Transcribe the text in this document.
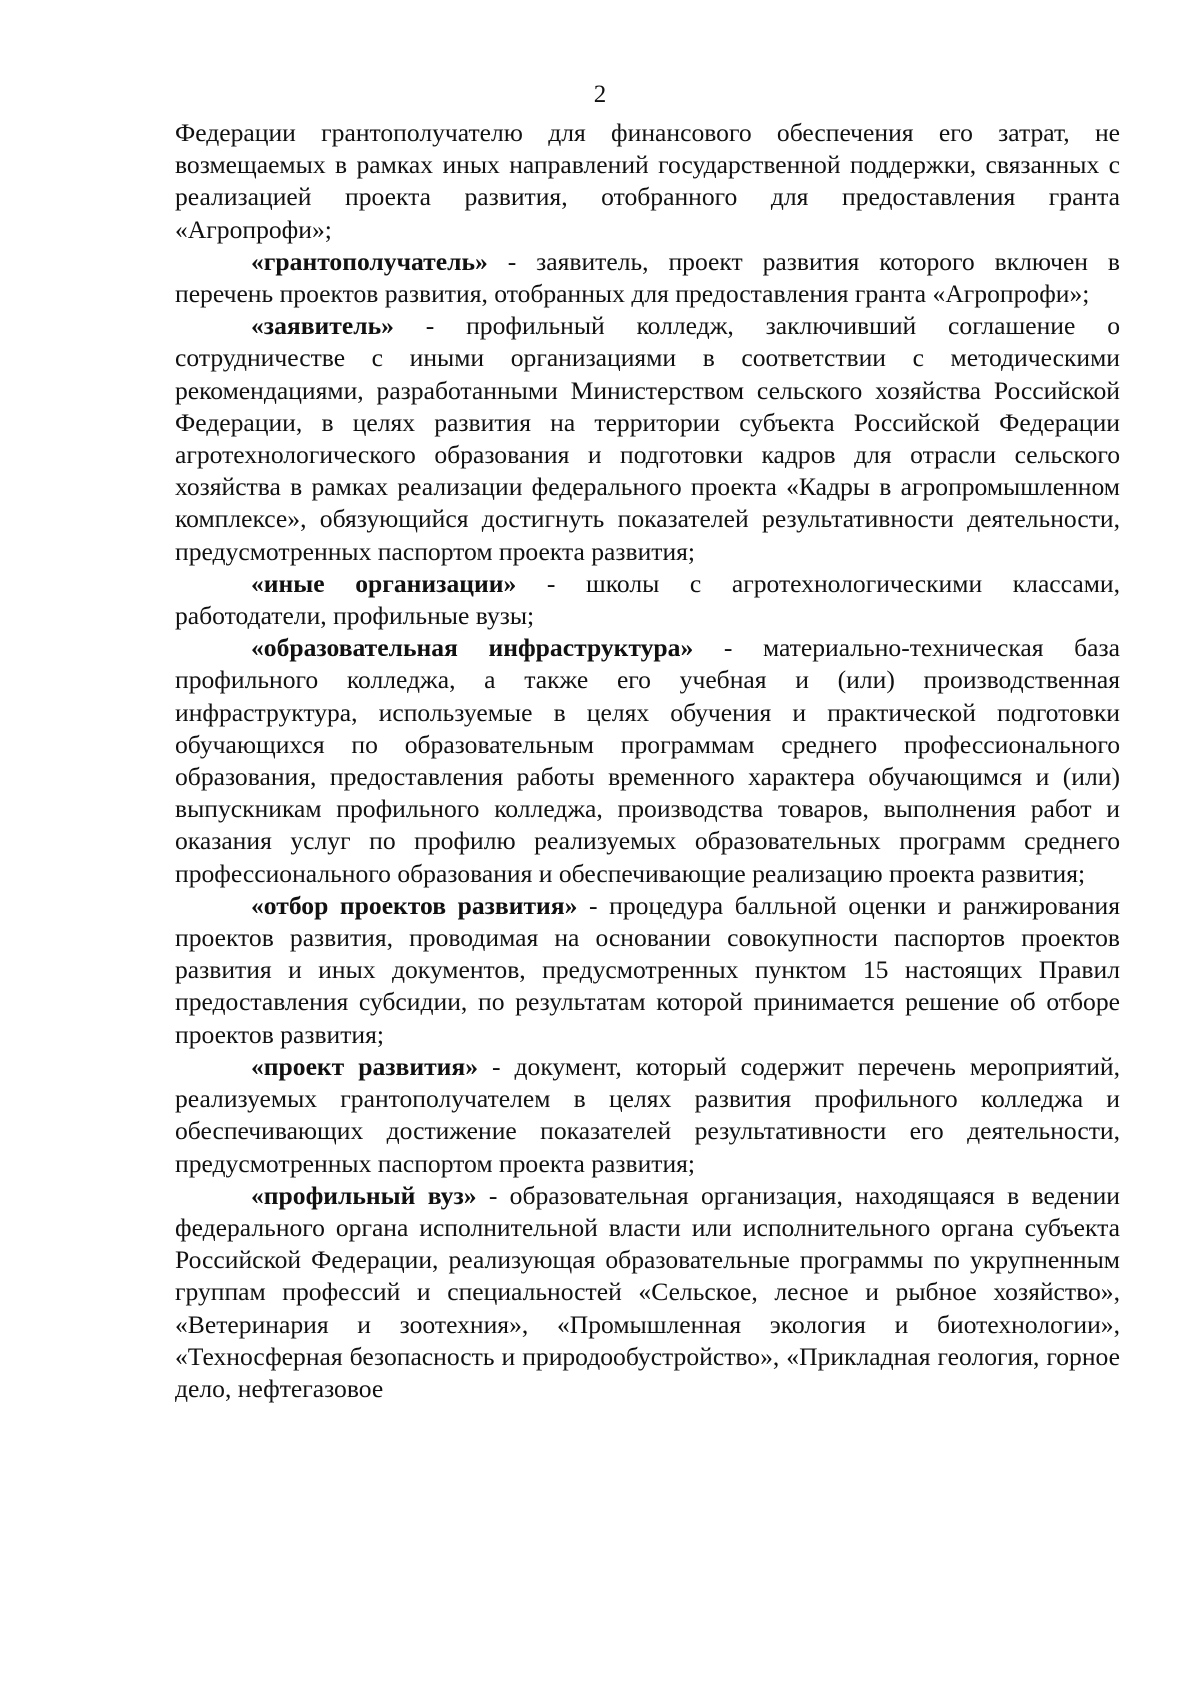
2

Федерации грантополучателю для финансового обеспечения его затрат, не возмещаемых в рамках иных направлений государственной поддержки, связанных с реализацией проекта развития, отобранного для предоставления гранта «Агропрофи»;

«грантополучатель» - заявитель, проект развития которого включен в перечень проектов развития, отобранных для предоставления гранта «Агропрофи»;

«заявитель» - профильный колледж, заключивший соглашение о сотрудничестве с иными организациями в соответствии с методическими рекомендациями, разработанными Министерством сельского хозяйства Российской Федерации, в целях развития на территории субъекта Российской Федерации агротехнологического образования и подготовки кадров для отрасли сельского хозяйства в рамках реализации федерального проекта «Кадры в агропромышленном комплексе», обязующийся достигнуть показателей результативности деятельности, предусмотренных паспортом проекта развития;

«иные организации» - школы с агротехнологическими классами, работодатели, профильные вузы;

«образовательная инфраструктура» - материально-техническая база профильного колледжа, а также его учебная и (или) производственная инфраструктура, используемые в целях обучения и практической подготовки обучающихся по образовательным программам среднего профессионального образования, предоставления работы временного характера обучающимся и (или) выпускникам профильного колледжа, производства товаров, выполнения работ и оказания услуг по профилю реализуемых образовательных программ среднего профессионального образования и обеспечивающие реализацию проекта развития;

«отбор проектов развития» - процедура балльной оценки и ранжирования проектов развития, проводимая на основании совокупности паспортов проектов развития и иных документов, предусмотренных пунктом 15 настоящих Правил предоставления субсидии, по результатам которой принимается решение об отборе проектов развития;

«проект развития» - документ, который содержит перечень мероприятий, реализуемых грантополучателем в целях развития профильного колледжа и обеспечивающих достижение показателей результативности его деятельности, предусмотренных паспортом проекта развития;

«профильный вуз» - образовательная организация, находящаяся в ведении федерального органа исполнительной власти или исполнительного органа субъекта Российской Федерации, реализующая образовательные программы по укрупненным группам профессий и специальностей «Сельское, лесное и рыбное хозяйство», «Ветеринария и зоотехния», «Промышленная экология и биотехнологии», «Техносферная безопасность и природообустройство», «Прикладная геология, горное дело, нефтегазовое
